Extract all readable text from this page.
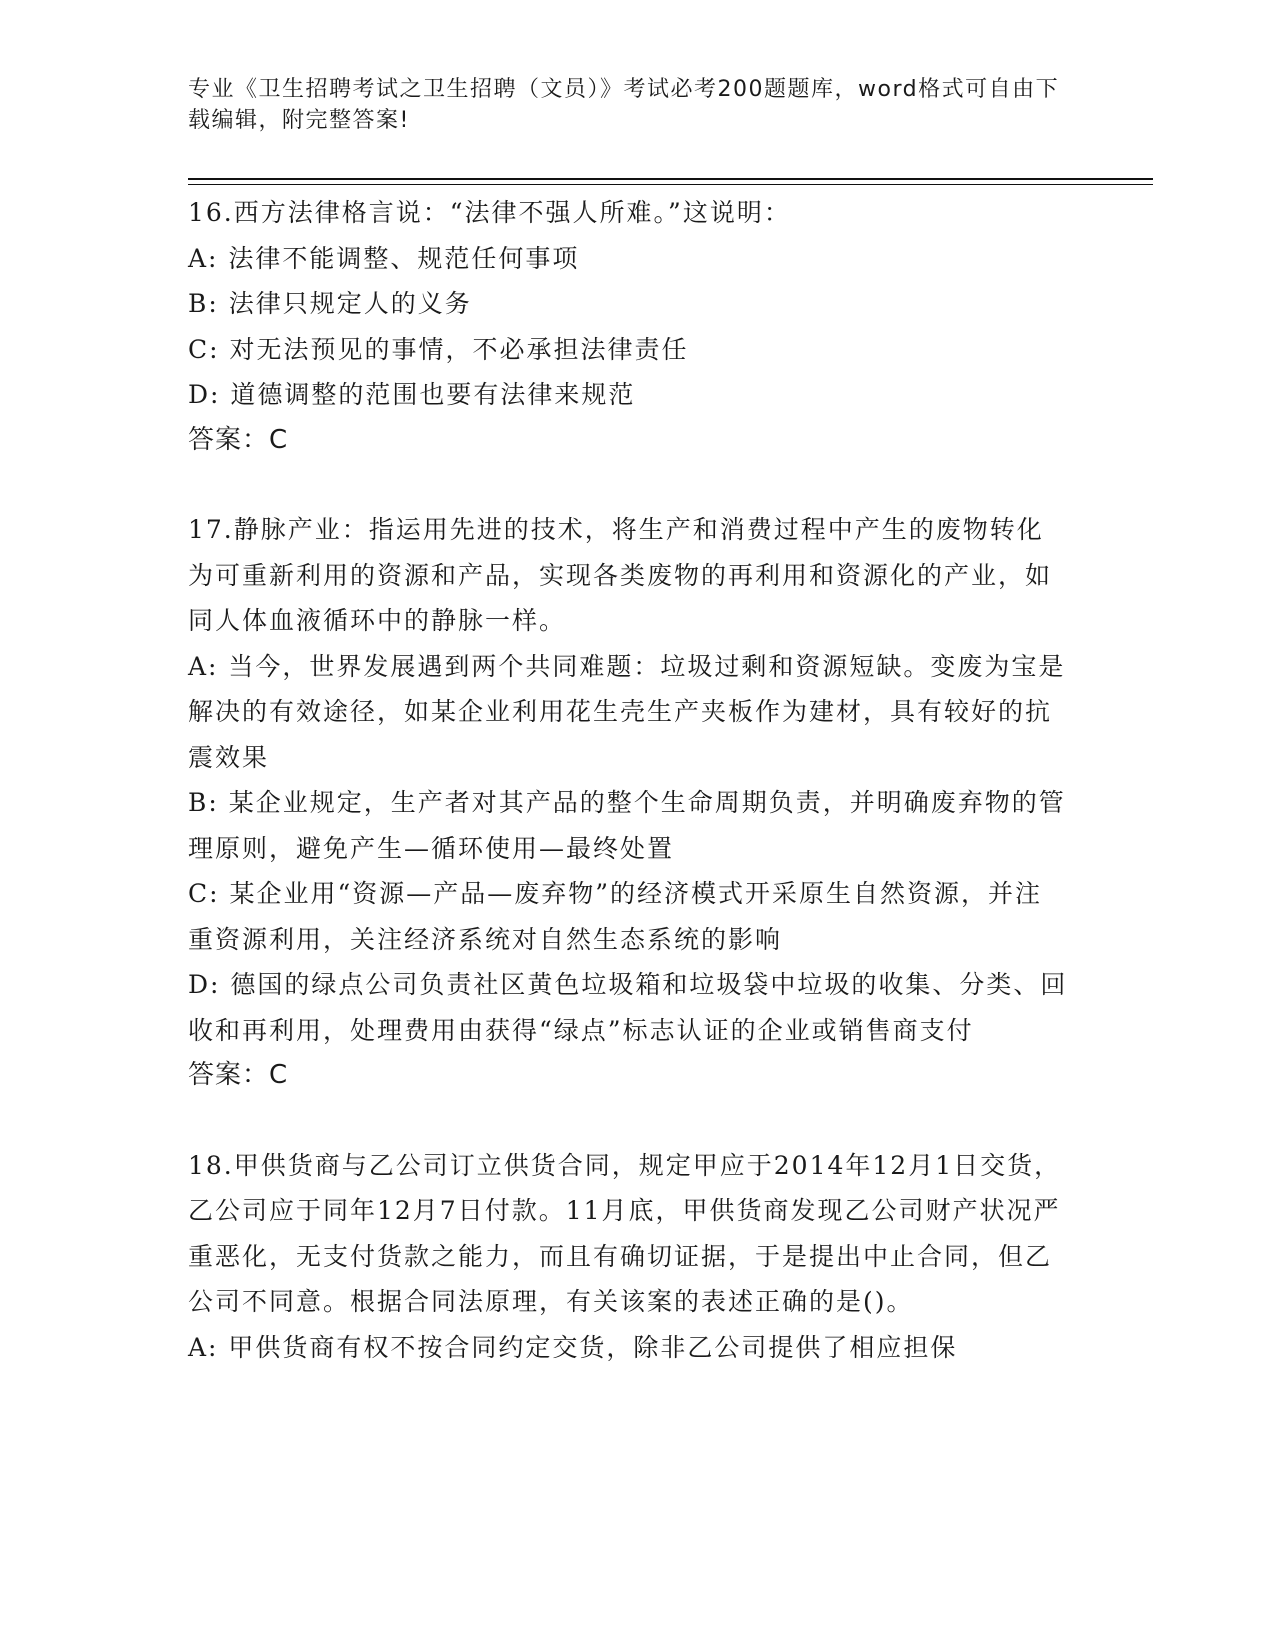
专业《卫生招聘考试之卫生招聘（文员）》考试必考200题题库，word格式可自由下载编辑，附完整答案!

16.西方法律格言说：“法律不强人所难。”这说明：

A: 法律不能调整、规范任何事项

B: 法律只规定人的义务

C: 对无法预见的事情，不必承担法律责任

D: 道德调整的范围也要有法律来规范

答案：C

17.静脉产业：指运用先进的技术，将生产和消费过程中产生的废物转化为可重新利用的资源和产品，实现各类废物的再利用和资源化的产业，如同人体血液循环中的静脉一样。

A: 当今，世界发展遇到两个共同难题：垃圾过剩和资源短缺。变废为宝是解决的有效途径，如某企业利用花生壳生产夹板作为建材，具有较好的抗震效果

B: 某企业规定，生产者对其产品的整个生命周期负责，并明确废弃物的管理原则，避免产生—循环使用—最终处置

C: 某企业用“资源—产品—废弃物”的经济模式开采原生自然资源，并注重资源利用，关注经济系统对自然生态系统的影响

D: 德国的绿点公司负责社区黄色垃圾箱和垃圾袋中垃圾的收集、分类、回收和再利用，处理费用由获得“绿点”标志认证的企业或销售商支付

答案：C

18.甲供货商与乙公司订立供货合同，规定甲应于2014年12月1日交货，乙公司应于同年12月7日付款。11月底，甲供货商发现乙公司财产状况严重恶化，无支付货款之能力，而且有确切证据，于是提出中止合同，但乙公司不同意。根据合同法原理，有关该案的表述正确的是()。

A: 甲供货商有权不按合同约定交货，除非乙公司提供了相应担保
